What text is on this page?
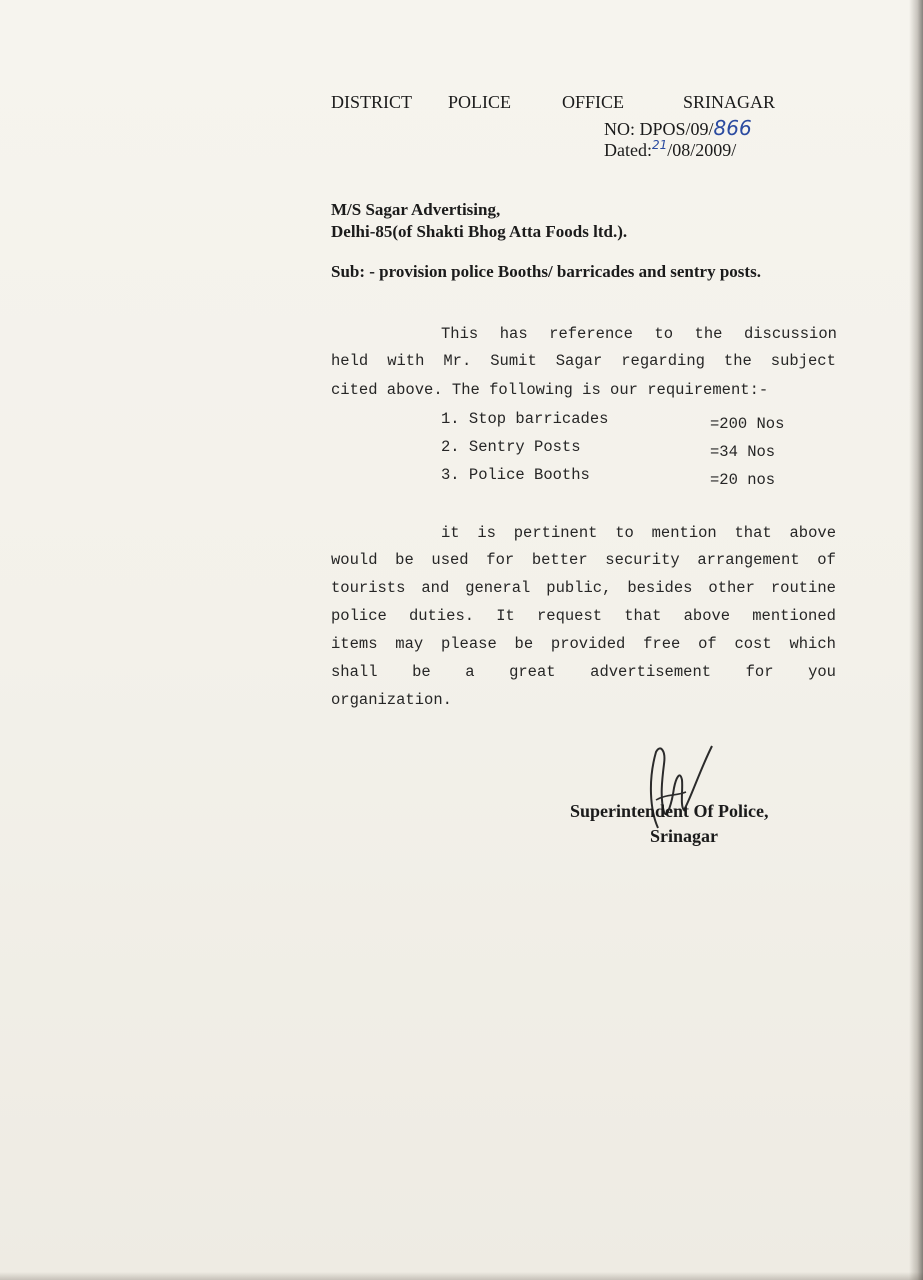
DISTRICT POLICE	OFFICE	SRINAGAR
NO: DPOS/09/866
Dated:$^{21}$/08/2009/
M/S Sagar Advertising,
Delhi-85(of Shakti Bhog Atta Foods ltd.).
Sub: - provision police Booths/ barricades and sentry posts.
This has reference to the discussion
held with Mr. Sumit Sagar regarding the subject
cited above. The following is our requirement:-
1. Stop barricades	=200 Nos
2. Sentry Posts	=34 Nos
3. Police Booths	=20 nos
it is pertinent to mention that above
would be used for better security arrangement of
tourists and general public, besides other routine
police duties. It request that above mentioned
items may please be provided free of cost which
shall be a great advertisement for you
organization.
Superintendent Of Police,
Srinagar
